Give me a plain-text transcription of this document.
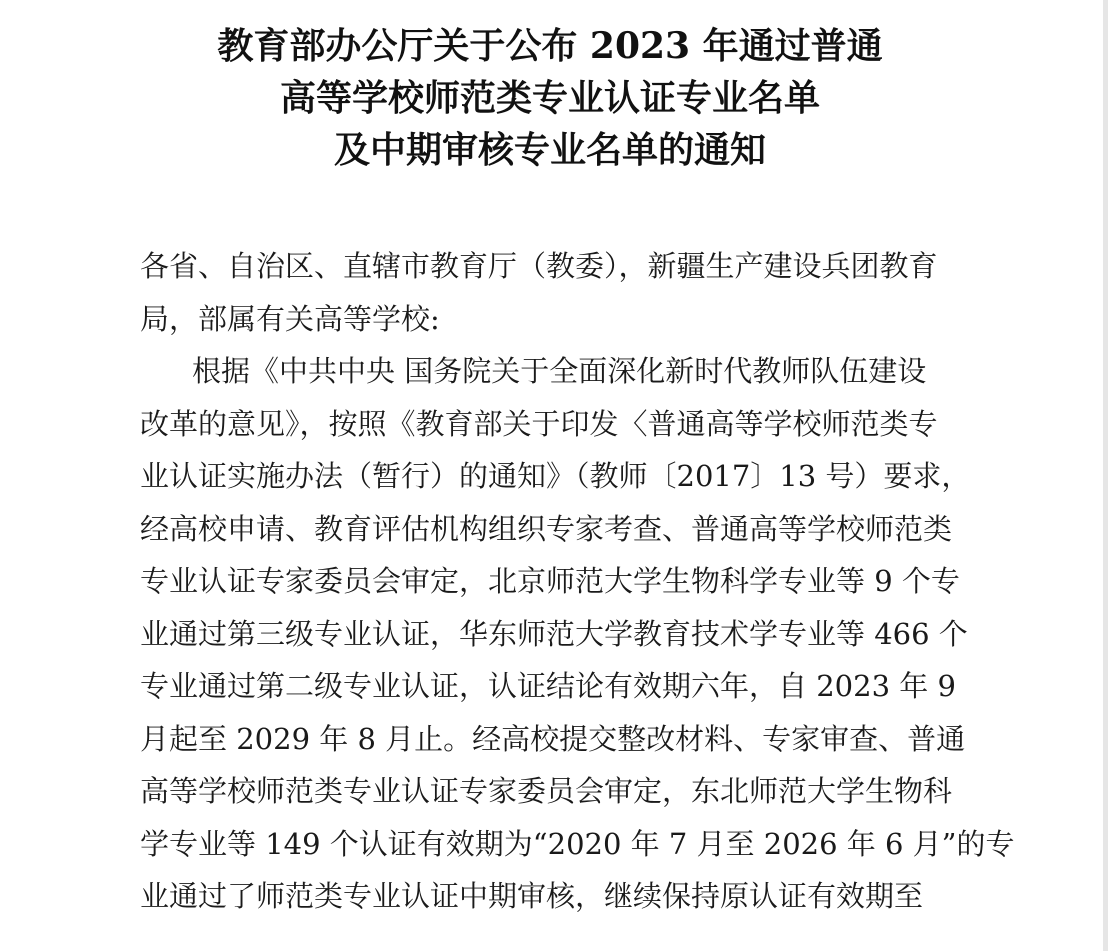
教育部办公厅关于公布 2023 年通过普通
高等学校师范类专业认证专业名单
及中期审核专业名单的通知
各省、自治区、直辖市教育厅（教委），新疆生产建设兵团教育
局，部属有关高等学校:
根据《中共中央 国务院关于全面深化新时代教师队伍建设
改革的意见》，按照《教育部关于印发〈普通高等学校师范类专
业认证实施办法（暂行）的通知》（教师〔2017〕13 号）要求，
经高校申请、教育评估机构组织专家考查、普通高等学校师范类
专业认证专家委员会审定，北京师范大学生物科学专业等 9 个专
业通过第三级专业认证，华东师范大学教育技术学专业等 466 个
专业通过第二级专业认证，认证结论有效期六年，自 2023 年 9
月起至 2029 年 8 月止。经高校提交整改材料、专家审查、普通
高等学校师范类专业认证专家委员会审定，东北师范大学生物科
学专业等 149 个认证有效期为“2020 年 7 月至 2026 年 6 月”的专
业通过了师范类专业认证中期审核，继续保持原认证有效期至
